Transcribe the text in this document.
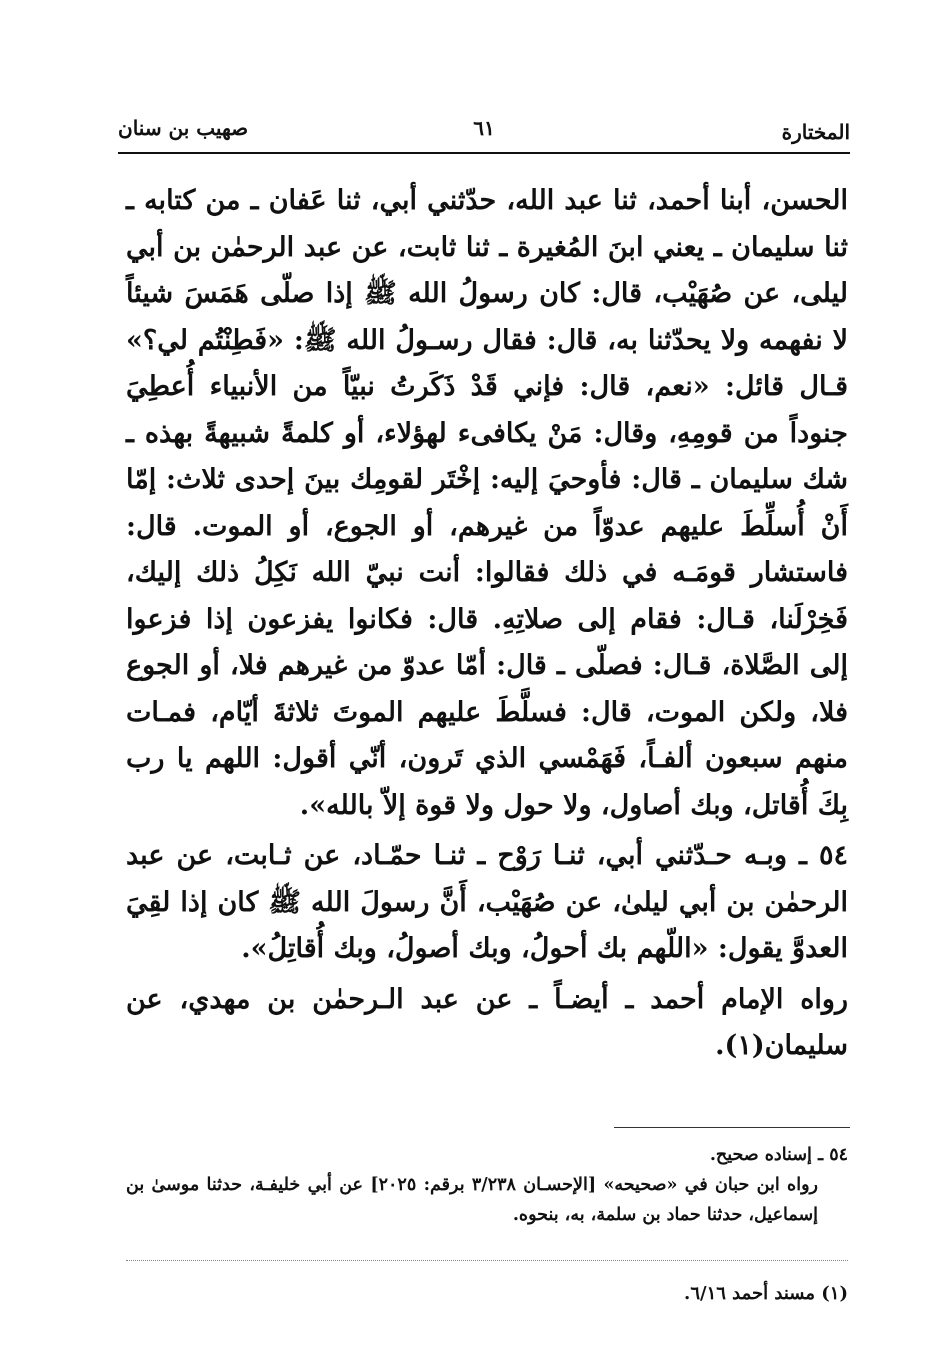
المختارة
٦١
صهيب بن سنان

الحسن، أبنا أحمد، ثنا عبد الله، حدّثني أبي، ثنا عَفان ـ من كتابه ـ ثنا سليمان ـ يعني ابنَ المُغيرة ـ ثنا ثابت، عن عبد الرحمٰن بن أبي ليلى، عن صُهَيْب، قال: كان رسولُ الله ﷺ إذا صلّى هَمَسَ شيئاً لا نفهمه ولا يحدّثنا به، قال: فقال رسـولُ الله ﷺ: «فَطِنْتُم لي؟» قـال قائل: «نعم، قال: فإني قَدْ ذَكَرتُ نبيّاً من الأنبياء أُعطِيَ جنوداً من قومِهِ، وقال: مَنْ يكافىء لهؤلاء، أو كلمةً شبيهةً بهذه ـ شك سليمان ـ قال: فأوحيَ إليه: إخْتَر لقومِك بينَ إحدى ثلاث: إمّا أَنْ أُسلِّطَ عليهم عدوّاً من غيرهم، أو الجوع، أو الموت. قال: فاستشار قومَـه في ذلك فقالوا: أنت نبيّ الله نَكِلُ ذلك إليك، فَخِرْلَنا، قـال: فقام إلى صلاتِهِ. قال: فكانوا يفزعون إذا فزعوا إلى الصَّلاة، قـال: فصلّى ـ قال: أمّا عدوّ من غيرهم فلا، أو الجوع فلا، ولكن الموت، قال: فسلَّطَ عليهم الموتَ ثلاثةَ أيّام، فمـات منهم سبعون ألفـاً، فَهَمْسي الذي تَرون، أنّي أقول: اللهم يا رب بِكَ أُقاتل، وبك أصاول، ولا حول ولا قوة إلاّ بالله».

٥٤ ـ وبـه حـدّثني أبي، ثنـا رَوْح ـ ثنـا حمّـاد، عن ثـابت، عن عبد الرحمٰن بن أبي ليلىٰ، عن صُهَيْب، أَنَّ رسولَ الله ﷺ كان إذا لقِيَ العدوَّ يقول: «اللّهم بك أحولُ، وبك أصولُ، وبك أُقاتِلُ».

رواه الإمام أحمد ـ أيضـاً ـ عن عبد الـرحمٰن بن مهدي، عن سليمان(١).

٥٤ ـ إسناده صحيح.

رواه ابن حبان في «صحيحه» [الإحسـان ٣/٢٣٨ برقم: ٢٠٢٥] عن أبي خليفـة، حدثنا موسىٰ بن إسماعيل، حدثنا حماد بن سلمة، به، بنحوه.

(١) مسند أحمد ٦/١٦.
